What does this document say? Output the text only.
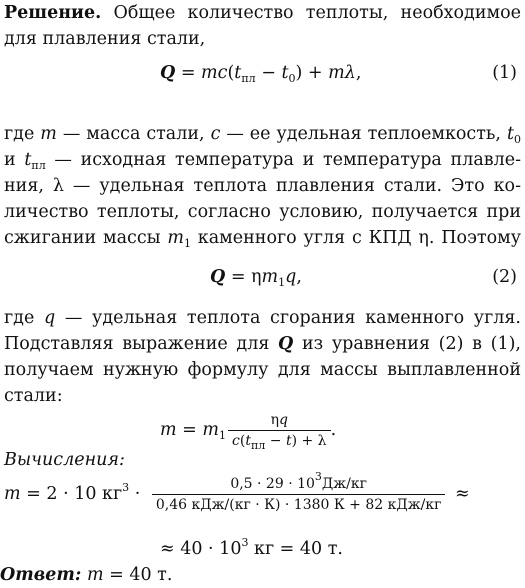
Решение. Общее количество теплоты, необходимое
для плавления стали,
$Q = mc(t_{пл} - t_0) + m\lambda$,	(1)
где m — масса стали, c — ее удельная теплоемкость, $t_0$
и $t_{пл}$ — исходная температура и температура плавле-
ния, λ — удельная теплота плавления стали. Это ко-
личество теплоты, согласно условию, получается при
сжигании массы $m_1$ каменного угля с КПД η. Поэтому
$Q = \eta m_1q$,	(2)
где q — удельная теплота сгорания каменного угля.
Подставляя выражение для Q из уравнения (2) в (1),
получаем нужную формулу для массы выплавленной
стали:
$m = m_1 \frac{\eta q}{c(t_{пл} - t) + \lambda}$ .
Вычисления:
m = 2 · 10 $кг^3 \cdot \frac{0,5 \cdot 29 \cdot 10^3Дж/кг}{\text{0,46 кДж/(кг · К) · 1380 К + 82 кДж/кг}}$ ≈
≈ $40 \cdot 10^3$ кг = 40 т.
Ответ: m = 40 т.
